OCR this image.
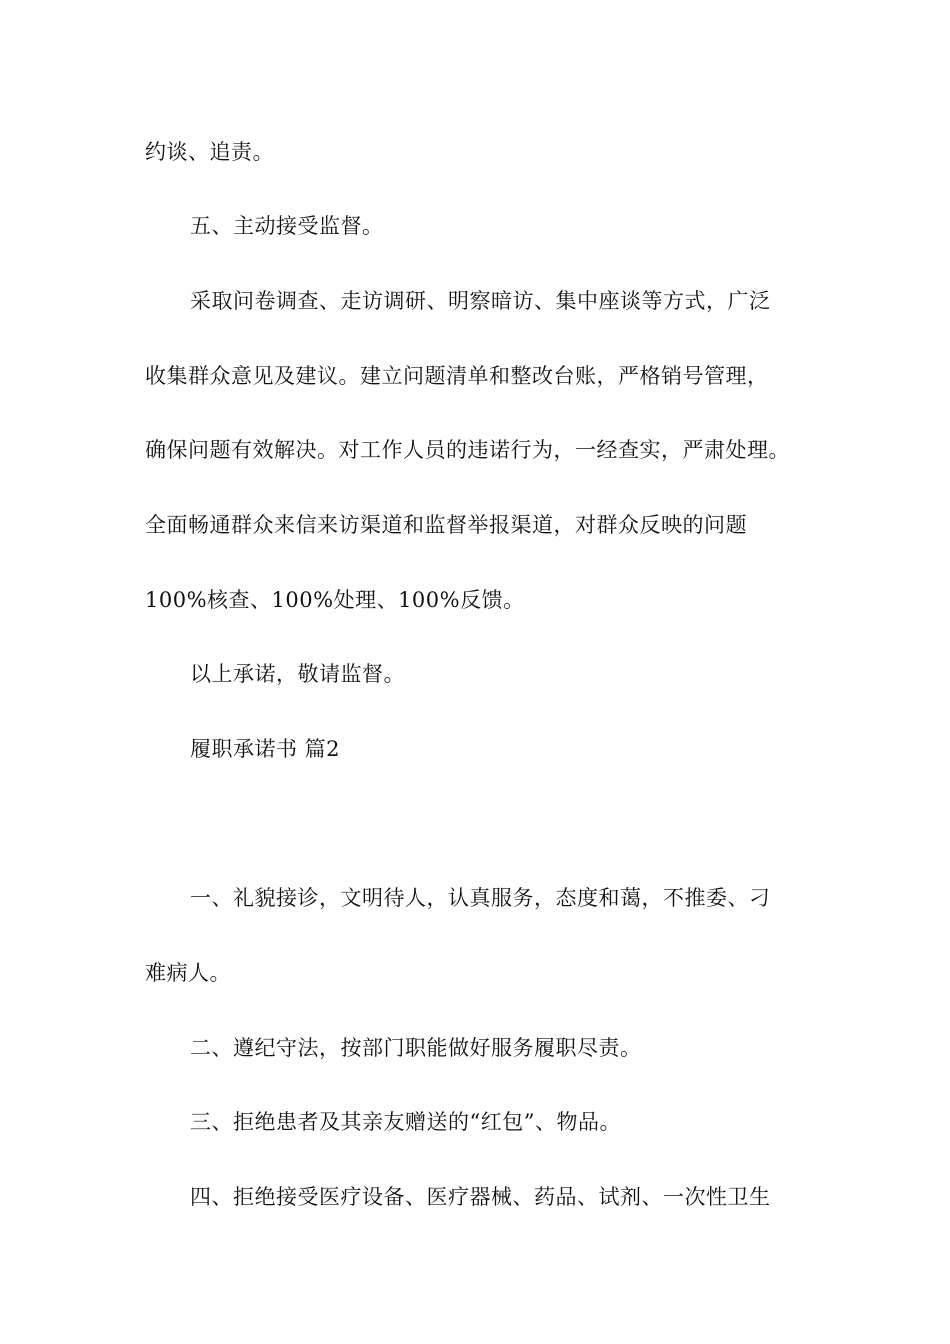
约谈、追责。
五、主动接受监督。
采取问卷调查、走访调研、明察暗访、集中座谈等方式，广泛
收集群众意见及建议。建立问题清单和整改台账，严格销号管理，
确保问题有效解决。对工作人员的违诺行为，一经查实，严肃处理。
全面畅通群众来信来访渠道和监督举报渠道，对群众反映的问题
100%核查、100%处理、100%反馈。
以上承诺，敬请监督。
履职承诺书 篇2
一、礼貌接诊，文明待人，认真服务，态度和蔼，不推委、刁
难病人。
二、遵纪守法，按部门职能做好服务履职尽责。
三、拒绝患者及其亲友赠送的“红包”、物品。
四、拒绝接受医疗设备、医疗器械、药品、试剂、一次性卫生
